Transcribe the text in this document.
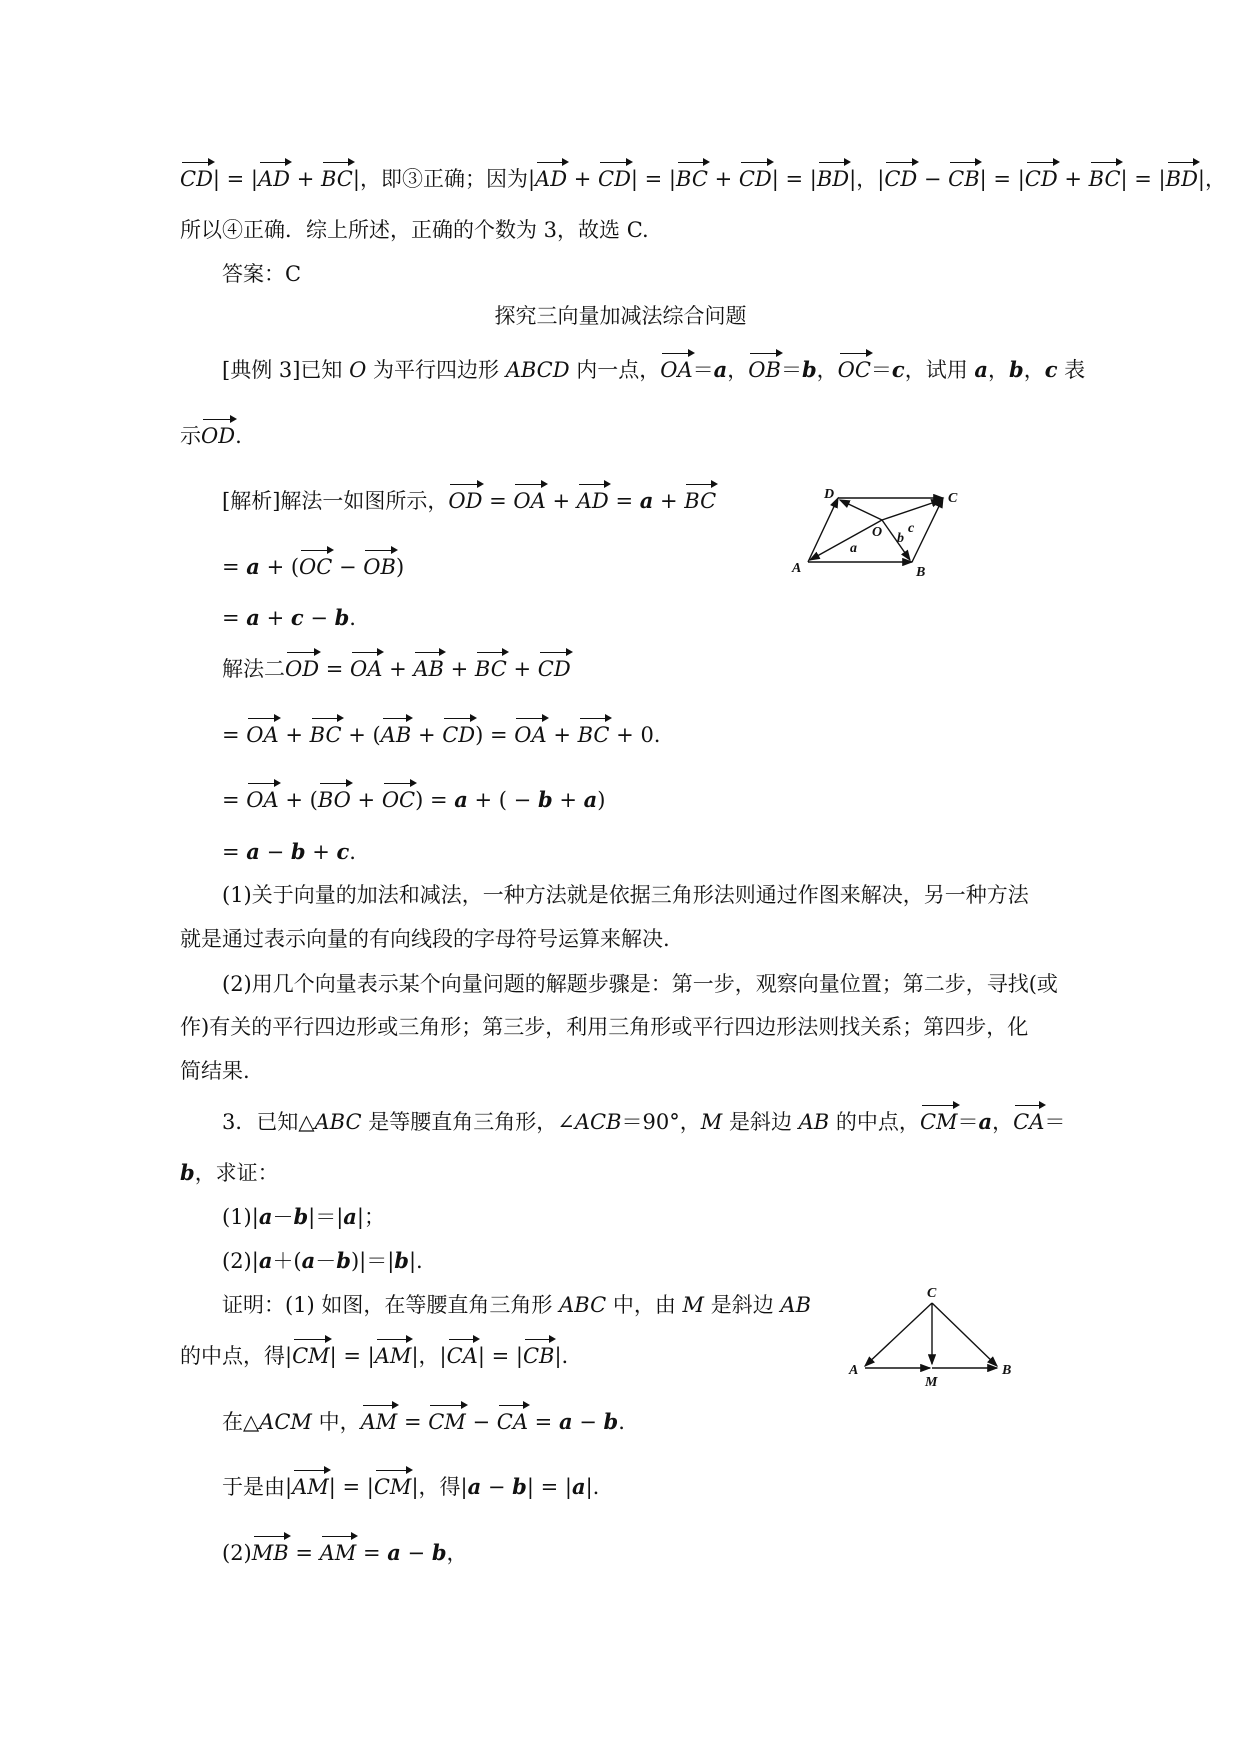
CD| = |AD + BC|，即③正确；因为|AD + CD| = |BC + CD| = |BD|，|CD − CB| = |CD + BC| = |BD|，
所以④正确．综上所述，正确的个数为 3，故选 C.
答案：C
探究三向量加减法综合问题
[典例 3]已知 O 为平行四边形 ABCD 内一点，OA＝a，OB＝b，OC＝c，试用 a，b，c 表
示OD.
[解析]解法一如图所示，OD = OA + AD = a + BC
= a + (OC − OB)
= a + c − b.
解法二OD = OA + AB + BC + CD
= OA + BC + (AB + CD) = OA + BC + 0.
= OA + (BO + OC) = a + ( − b + a)
= a − b + c.
(1)关于向量的加法和减法，一种方法就是依据三角形法则通过作图来解决，另一种方法
就是通过表示向量的有向线段的字母符号运算来解决.
(2)用几个向量表示某个向量问题的解题步骤是：第一步，观察向量位置；第二步，寻找(或
作)有关的平行四边形或三角形；第三步，利用三角形或平行四边形法则找关系；第四步，化
简结果.
3．已知△ABC 是等腰直角三角形，∠ACB＝90°，M 是斜边 AB 的中点，CM＝a，CA＝
b，求证：
(1)|a－b|＝|a|；
(2)|a＋(a－b)|＝|b|.
证明：(1) 如图，在等腰直角三角形 ABC 中，由 M 是斜边 AB
的中点，得|CM| = |AM|，|CA| = |CB|.
在△ACM 中，AM = CM − CA = a − b.
于是由|AM| = |CM|，得|a − b| = |a|.
(2)MB = AM = a − b，
D	C
O
A	B
a
b
c
C
A
M
B
